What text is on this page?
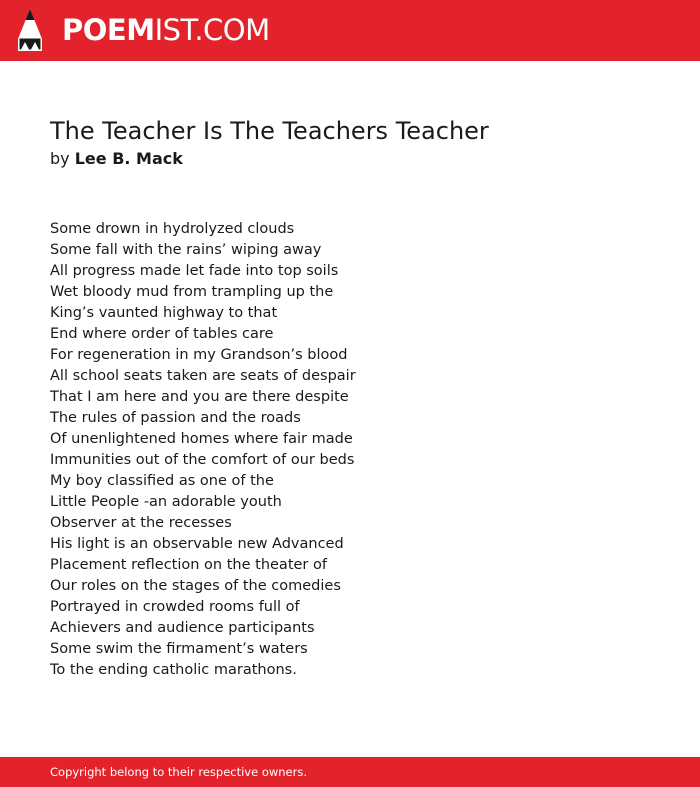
POEMIST.COM
The Teacher Is The Teachers Teacher
by Lee B. Mack
Some drown in hydrolyzed clouds
Some fall with the rains’ wiping away
All progress made let fade into top soils
Wet bloody mud from trampling up the
King’s vaunted highway to that
End where order of tables care
For regeneration in my Grandson’s blood
All school seats taken are seats of despair
That I am here and you are there despite
The rules of passion and the roads
Of unenlightened homes where fair made
Immunities out of the comfort of our beds
My boy classified as one of the
Little People -an adorable youth
Observer at the recesses
His light is an observable new Advanced
Placement reflection on the theater of
Our roles on the stages of the comedies
Portrayed in crowded rooms full of
Achievers and audience participants
Some swim the firmament’s waters
To the ending catholic marathons.
Copyright belong to their respective owners.
